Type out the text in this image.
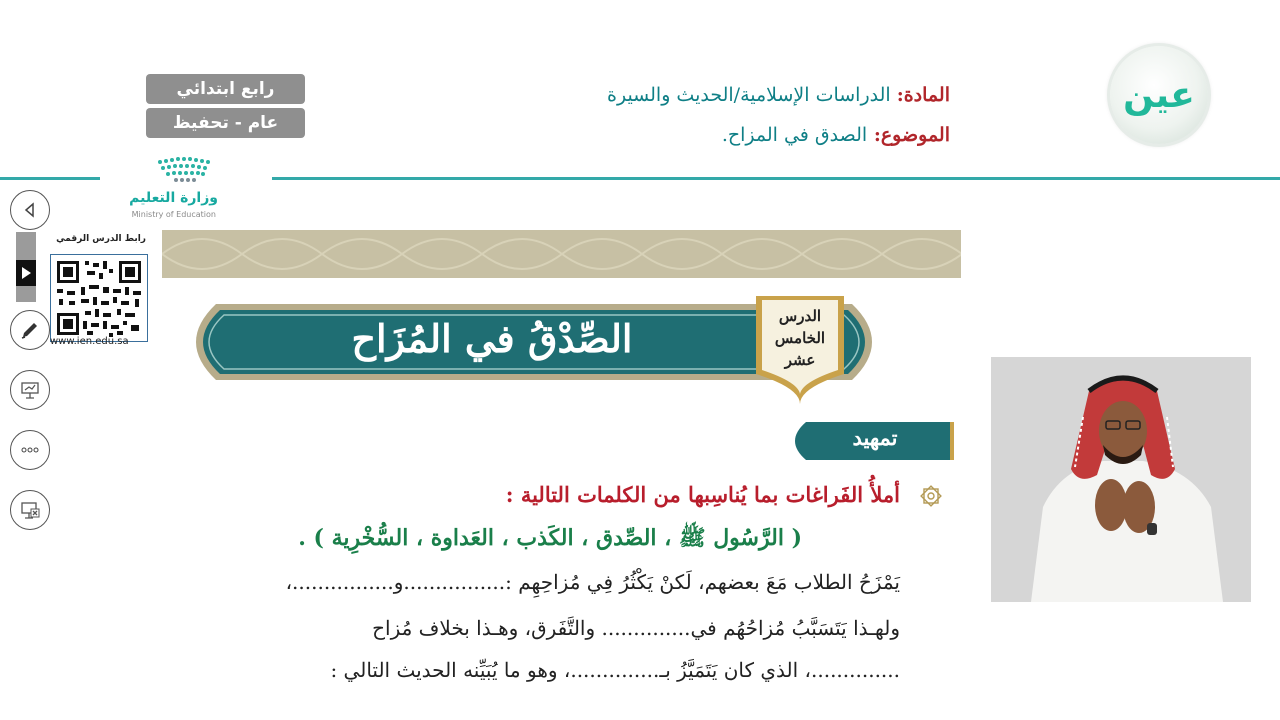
رابع ابتدائي
عام - تحفيظ
المادة: الدراسات الإسلامية/الحديث والسيرة
الموضوع: الصدق في المزاح.
عين
وزارة التعليم
Ministry of Education
رابط الدرس الرقمي
www.ien.edu.sa	الصِّدْقُ في المُزَاح	الدرس
الخامس
عشر
تمهيد
أملأُ الفَراغات بما يُناسِبها من الكلمات التالية :
( الرَّسُول ﷺ ، الصِّدق ، الكَذب ، العَداوة ، السُّخْرِية ) .
يَمْزَحُ الطلاب مَعَ بعضهم، لَكنْ يَكْثُرُ فِي مُزاحِهِم :................و................،
ولهـذا يَتَسَبَّبُ مُزاحُهُم في.............. والتَّفَرق، وهـذا بخلاف مُزاح
..............، الذي كان يَتَمَيَّزُ بـ..............، وهو ما يُبَيِّنه الحديث التالي :
